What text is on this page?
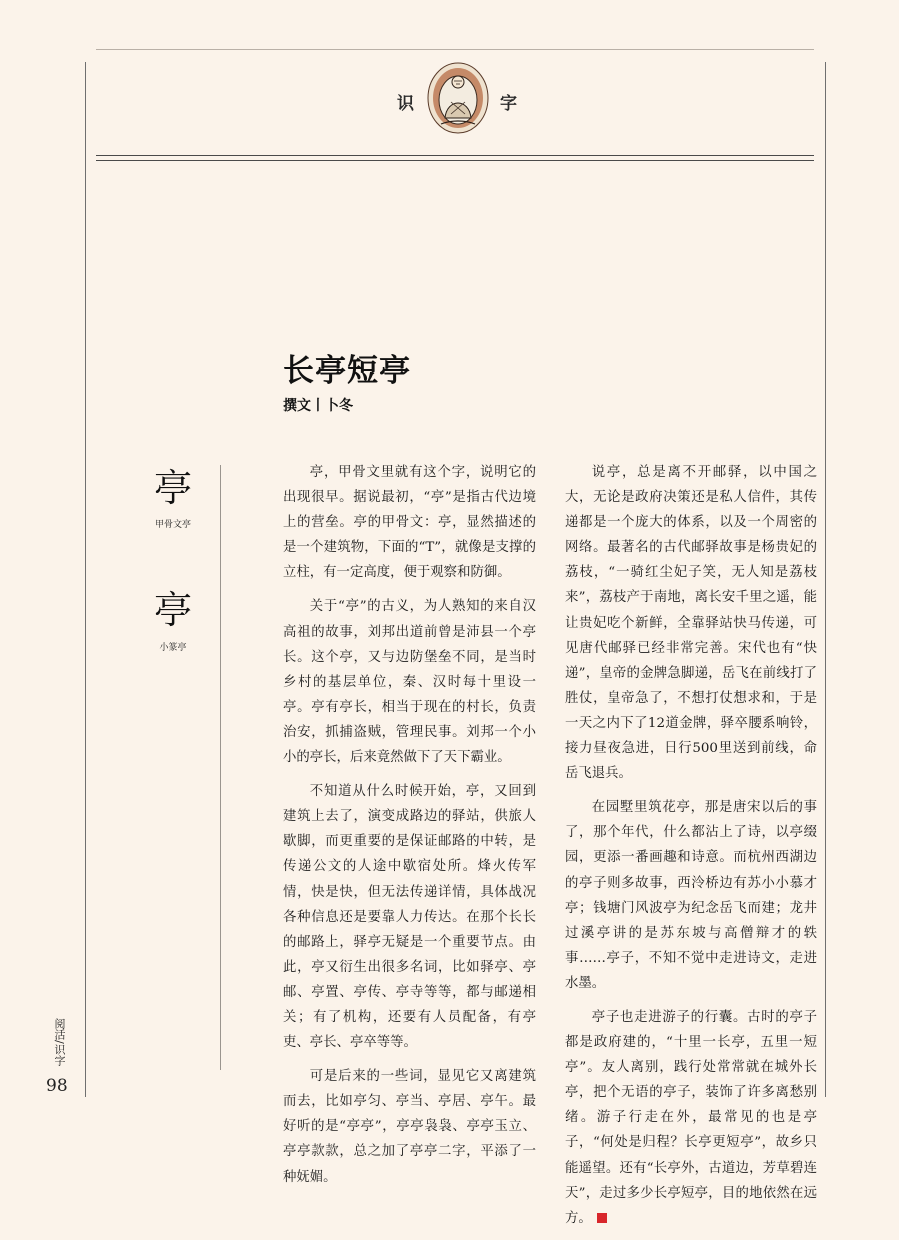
识	字
长亭短亭
撰文丨卜冬
亭
甲骨文亭
亭
小篆亭

亭，甲骨文里就有这个字，说明它的出现很早。据说最初，“亭”是指古代边境上的营垒。亭的甲骨文：亭，显然描述的是一个建筑物，下面的“T”，就像是支撑的立柱，有一定高度，便于观察和防御。

关于“亭”的古义，为人熟知的来自汉高祖的故事，刘邦出道前曾是沛县一个亭长。这个亭，又与边防堡垒不同，是当时乡村的基层单位，秦、汉时每十里设一亭。亭有亭长，相当于现在的村长，负责治安，抓捕盗贼，管理民事。刘邦一个小小的亭长，后来竟然做下了天下霸业。

不知道从什么时候开始，亭，又回到建筑上去了，演变成路边的驿站，供旅人歇脚，而更重要的是保证邮路的中转，是传递公文的人途中歇宿处所。烽火传军情，快是快，但无法传递详情，具体战况各种信息还是要靠人力传达。在那个长长的邮路上，驿亭无疑是一个重要节点。由此，亭又衍生出很多名词，比如驿亭、亭邮、亭置、亭传、亭寺等等，都与邮递相关；有了机构，还要有人员配备，有亭吏、亭长、亭卒等等。

可是后来的一些词，显见它又离建筑而去，比如亭匀、亭当、亭居、亭午。最好听的是“亭亭”，亭亭袅袅、亭亭玉立、亭亭款款，总之加了亭亭二字，平添了一种妩媚。

说亭，总是离不开邮驿，以中国之大，无论是政府决策还是私人信件，其传递都是一个庞大的体系，以及一个周密的网络。最著名的古代邮驿故事是杨贵妃的荔枝，“一骑红尘妃子笑，无人知是荔枝来”，荔枝产于南地，离长安千里之遥，能让贵妃吃个新鲜，全靠驿站快马传递，可见唐代邮驿已经非常完善。宋代也有“快递”，皇帝的金牌急脚递，岳飞在前线打了胜仗，皇帝急了，不想打仗想求和，于是一天之内下了12道金牌，驿卒腰系响铃，接力昼夜急进，日行500里送到前线，命岳飞退兵。

在园墅里筑花亭，那是唐宋以后的事了，那个年代，什么都沾上了诗，以亭缀园，更添一番画趣和诗意。而杭州西湖边的亭子则多故事，西泠桥边有苏小小慕才亭；钱塘门风波亭为纪念岳飞而建；龙井过溪亭讲的是苏东坡与高僧辩才的轶事……亭子，不知不觉中走进诗文，走进水墨。

亭子也走进游子的行囊。古时的亭子都是政府建的，“十里一长亭，五里一短亭”。友人离别，践行处常常就在城外长亭，把个无语的亭子，装饰了许多离愁别绪。游子行走在外，最常见的也是亭子，“何处是归程？长亭更短亭”，故乡只能遥望。还有“长亭外，古道边，芳草碧连天”，走过多少长亭短亭，目的地依然在远方。

阅活/识字
98
